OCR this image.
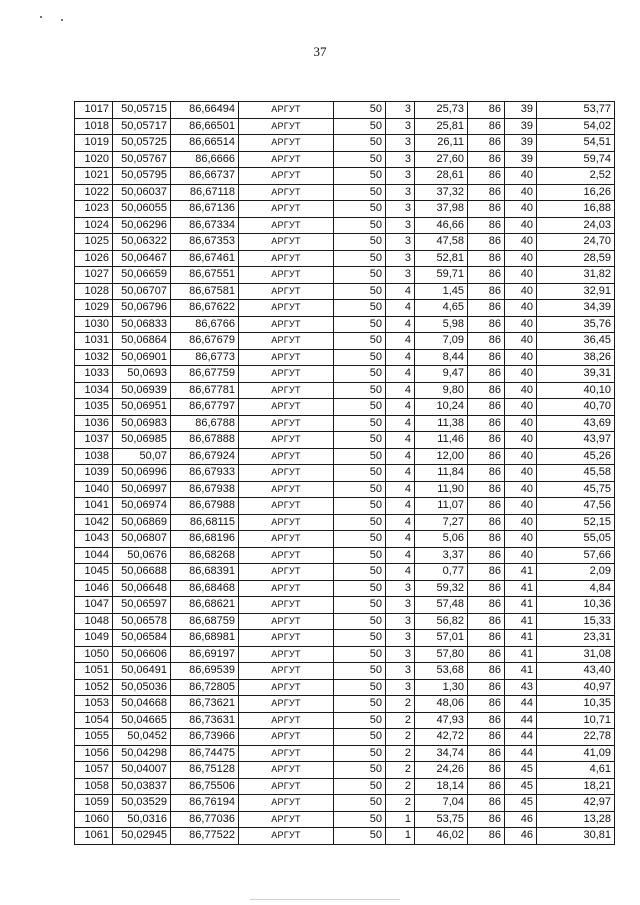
37
1017	50,05715	86,66494	АРГУТ	50	3	25,73	86	39	53,77
1018	50,05717	86,66501	АРГУТ	50	3	25,81	86	39	54,02
1019	50,05725	86,66514	АРГУТ	50	3	26,11	86	39	54,51
1020	50,05767	86,6666	АРГУТ	50	3	27,60	86	39	59,74
1021	50,05795	86,66737	АРГУТ	50	3	28,61	86	40	2,52
1022	50,06037	86,67118	АРГУТ	50	3	37,32	86	40	16,26
1023	50,06055	86,67136	АРГУТ	50	3	37,98	86	40	16,88
1024	50,06296	86,67334	АРГУТ	50	3	46,66	86	40	24,03
1025	50,06322	86,67353	АРГУТ	50	3	47,58	86	40	24,70
1026	50,06467	86,67461	АРГУТ	50	3	52,81	86	40	28,59
1027	50,06659	86,67551	АРГУТ	50	3	59,71	86	40	31,82
1028	50,06707	86,67581	АРГУТ	50	4	1,45	86	40	32,91
1029	50,06796	86,67622	АРГУТ	50	4	4,65	86	40	34,39
1030	50,06833	86,6766	АРГУТ	50	4	5,98	86	40	35,76
1031	50,06864	86,67679	АРГУТ	50	4	7,09	86	40	36,45
1032	50,06901	86,6773	АРГУТ	50	4	8,44	86	40	38,26
1033	50,0693	86,67759	АРГУТ	50	4	9,47	86	40	39,31
1034	50,06939	86,67781	АРГУТ	50	4	9,80	86	40	40,10
1035	50,06951	86,67797	АРГУТ	50	4	10,24	86	40	40,70
1036	50,06983	86,6788	АРГУТ	50	4	11,38	86	40	43,69
1037	50,06985	86,67888	АРГУТ	50	4	11,46	86	40	43,97
1038	50,07	86,67924	АРГУТ	50	4	12,00	86	40	45,26
1039	50,06996	86,67933	АРГУТ	50	4	11,84	86	40	45,58
1040	50,06997	86,67938	АРГУТ	50	4	11,90	86	40	45,75
1041	50,06974	86,67988	АРГУТ	50	4	11,07	86	40	47,56
1042	50,06869	86,68115	АРГУТ	50	4	7,27	86	40	52,15
1043	50,06807	86,68196	АРГУТ	50	4	5,06	86	40	55,05
1044	50,0676	86,68268	АРГУТ	50	4	3,37	86	40	57,66
1045	50,06688	86,68391	АРГУТ	50	4	0,77	86	41	2,09
1046	50,06648	86,68468	АРГУТ	50	3	59,32	86	41	4,84
1047	50,06597	86,68621	АРГУТ	50	3	57,48	86	41	10,36
1048	50,06578	86,68759	АРГУТ	50	3	56,82	86	41	15,33
1049	50,06584	86,68981	АРГУТ	50	3	57,01	86	41	23,31
1050	50,06606	86,69197	АРГУТ	50	3	57,80	86	41	31,08
1051	50,06491	86,69539	АРГУТ	50	3	53,68	86	41	43,40
1052	50,05036	86,72805	АРГУТ	50	3	1,30	86	43	40,97
1053	50,04668	86,73621	АРГУТ	50	2	48,06	86	44	10,35
1054	50,04665	86,73631	АРГУТ	50	2	47,93	86	44	10,71
1055	50,0452	86,73966	АРГУТ	50	2	42,72	86	44	22,78
1056	50,04298	86,74475	АРГУТ	50	2	34,74	86	44	41,09
1057	50,04007	86,75128	АРГУТ	50	2	24,26	86	45	4,61
1058	50,03837	86,75506	АРГУТ	50	2	18,14	86	45	18,21
1059	50,03529	86,76194	АРГУТ	50	2	7,04	86	45	42,97
1060	50,0316	86,77036	АРГУТ	50	1	53,75	86	46	13,28
1061	50,02945	86,77522	АРГУТ	50	1	46,02	86	46	30,81
